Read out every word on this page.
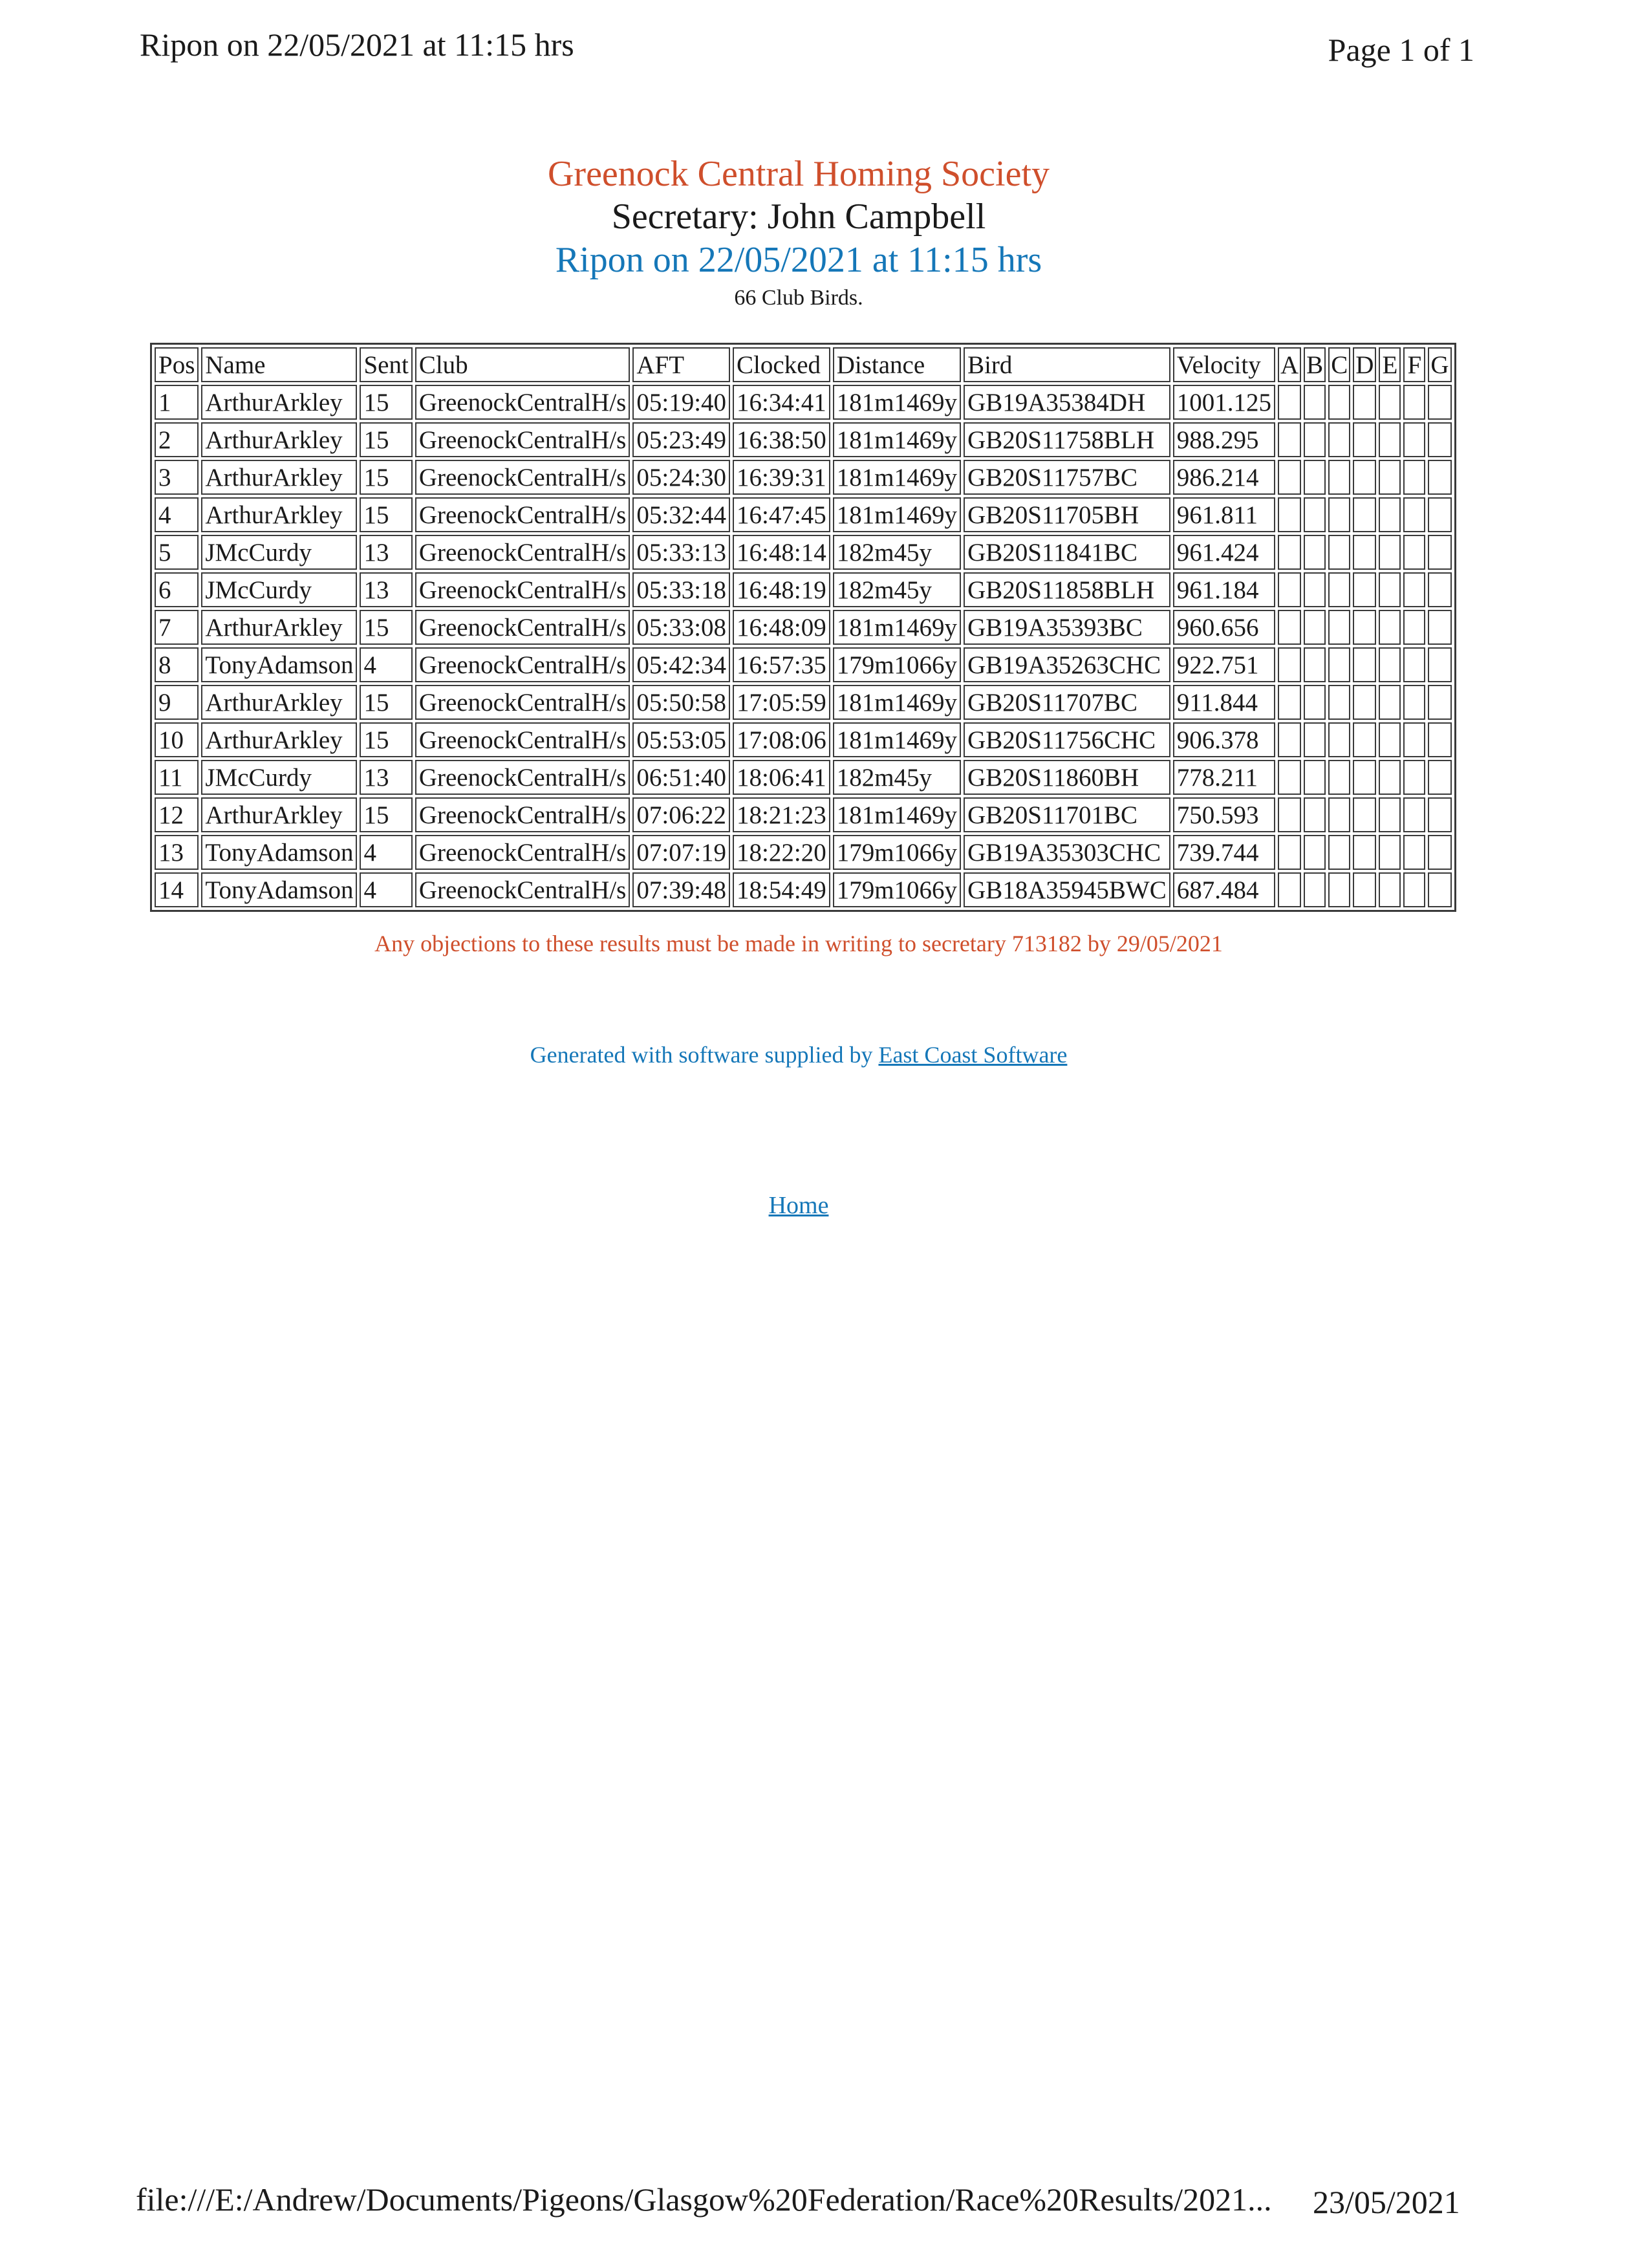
Ripon on 22/05/2021 at 11:15 hrs	Page 1 of 1
Greenock Central Homing Society
Secretary: John Campbell
Ripon on 22/05/2021 at 11:15 hrs
66 Club Birds.
Pos	Name	Sent	Club	AFT	Clocked	Distance	Bird	Velocity	A	B	C	D	E	F	G
1	ArthurArkley	15	GreenockCentralH/s	05:19:40	16:34:41	181m1469y	GB19A35384DH	1001.125							
2	ArthurArkley	15	GreenockCentralH/s	05:23:49	16:38:50	181m1469y	GB20S11758BLH	988.295							
3	ArthurArkley	15	GreenockCentralH/s	05:24:30	16:39:31	181m1469y	GB20S11757BC	986.214							
4	ArthurArkley	15	GreenockCentralH/s	05:32:44	16:47:45	181m1469y	GB20S11705BH	961.811							
5	JMcCurdy	13	GreenockCentralH/s	05:33:13	16:48:14	182m45y	GB20S11841BC	961.424							
6	JMcCurdy	13	GreenockCentralH/s	05:33:18	16:48:19	182m45y	GB20S11858BLH	961.184							
7	ArthurArkley	15	GreenockCentralH/s	05:33:08	16:48:09	181m1469y	GB19A35393BC	960.656							
8	TonyAdamson	4	GreenockCentralH/s	05:42:34	16:57:35	179m1066y	GB19A35263CHC	922.751							
9	ArthurArkley	15	GreenockCentralH/s	05:50:58	17:05:59	181m1469y	GB20S11707BC	911.844							
10	ArthurArkley	15	GreenockCentralH/s	05:53:05	17:08:06	181m1469y	GB20S11756CHC	906.378							
11	JMcCurdy	13	GreenockCentralH/s	06:51:40	18:06:41	182m45y	GB20S11860BH	778.211							
12	ArthurArkley	15	GreenockCentralH/s	07:06:22	18:21:23	181m1469y	GB20S11701BC	750.593							
13	TonyAdamson	4	GreenockCentralH/s	07:07:19	18:22:20	179m1066y	GB19A35303CHC	739.744							
14	TonyAdamson	4	GreenockCentralH/s	07:39:48	18:54:49	179m1066y	GB18A35945BWC	687.484							
Any objections to these results must be made in writing to secretary 713182 by 29/05/2021
Generated with software supplied by East Coast Software
Home
file:///E:/Andrew/Documents/Pigeons/Glasgow%20Federation/Race%20Results/2021... 23/05/2021
